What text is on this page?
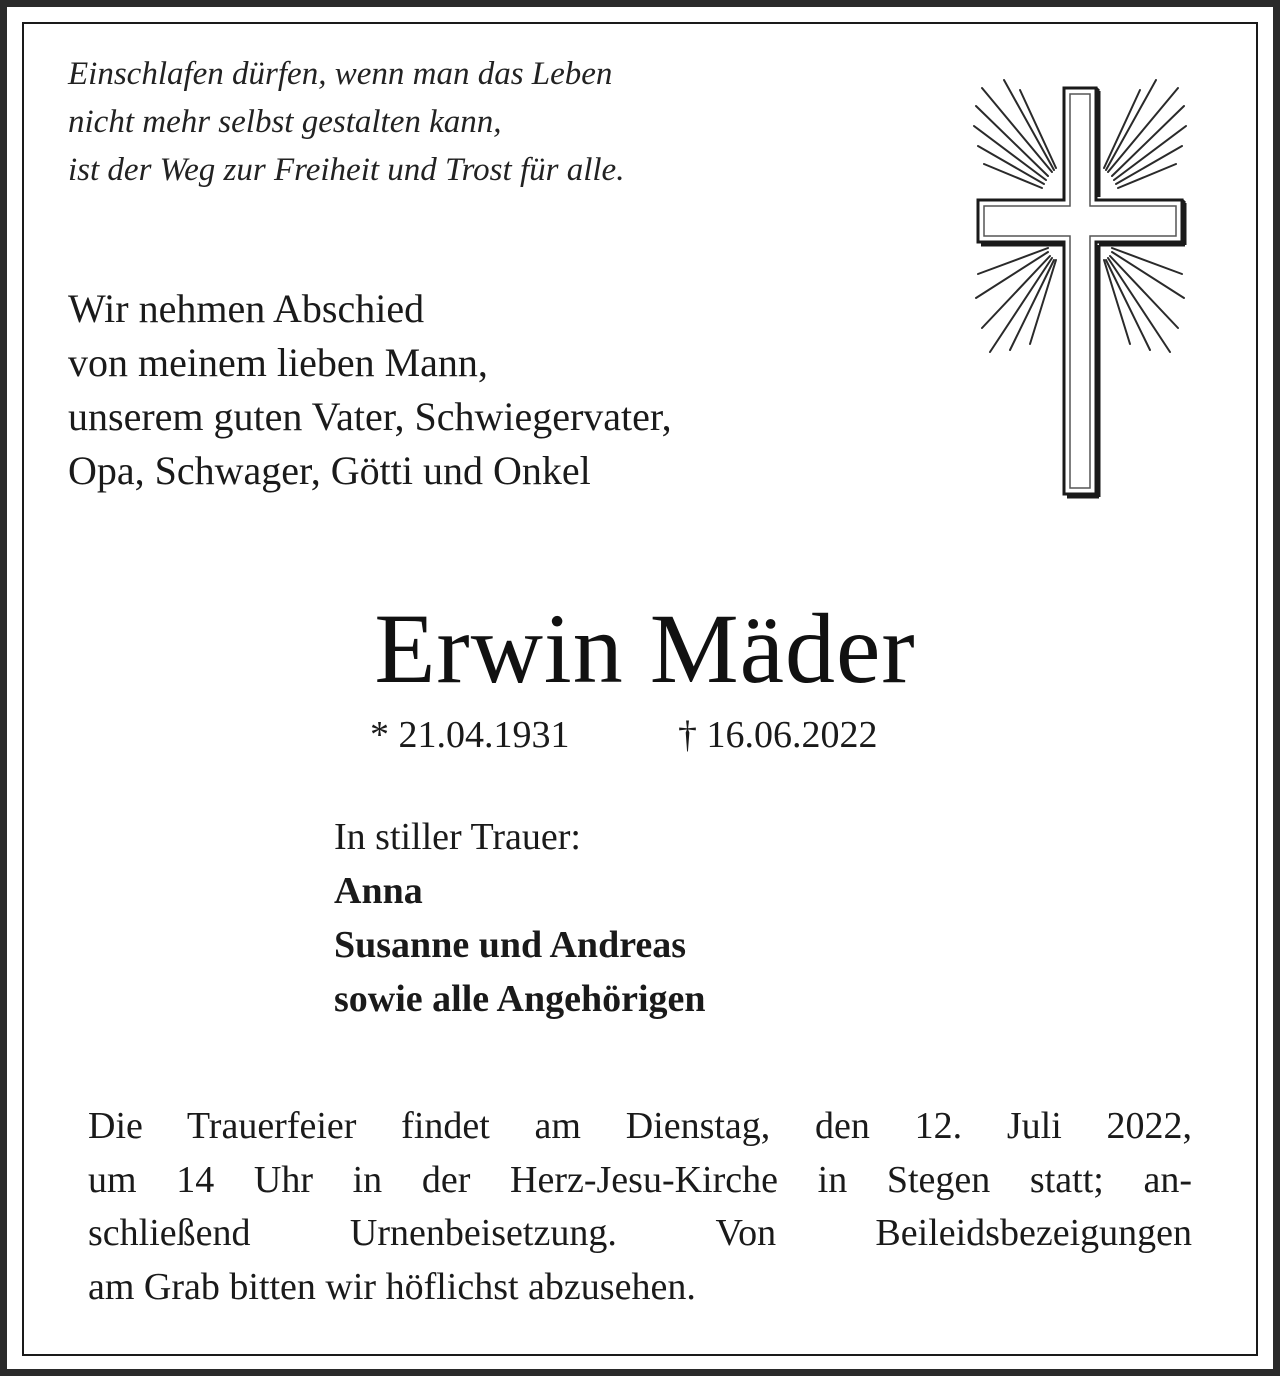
Einschlafen dürfen, wenn man das Leben
nicht mehr selbst gestalten kann,
ist der Weg zur Freiheit und Trost für alle.
Wir nehmen Abschied
von meinem lieben Mann,
unserem guten Vater, Schwiegervater,
Opa, Schwager, Götti und Onkel
Erwin Mäder
* 21.04.1931	† 16.06.2022
In stiller Trauer:
Anna
Susanne und Andreas
sowie alle Angehörigen
Die Trauerfeier findet am Dienstag, den 12. Juli 2022,
um 14 Uhr in der Herz-Jesu-Kirche in Stegen statt; an-
schließend Urnenbeisetzung. Von Beileidsbezeigungen
am Grab bitten wir höflichst abzusehen.
